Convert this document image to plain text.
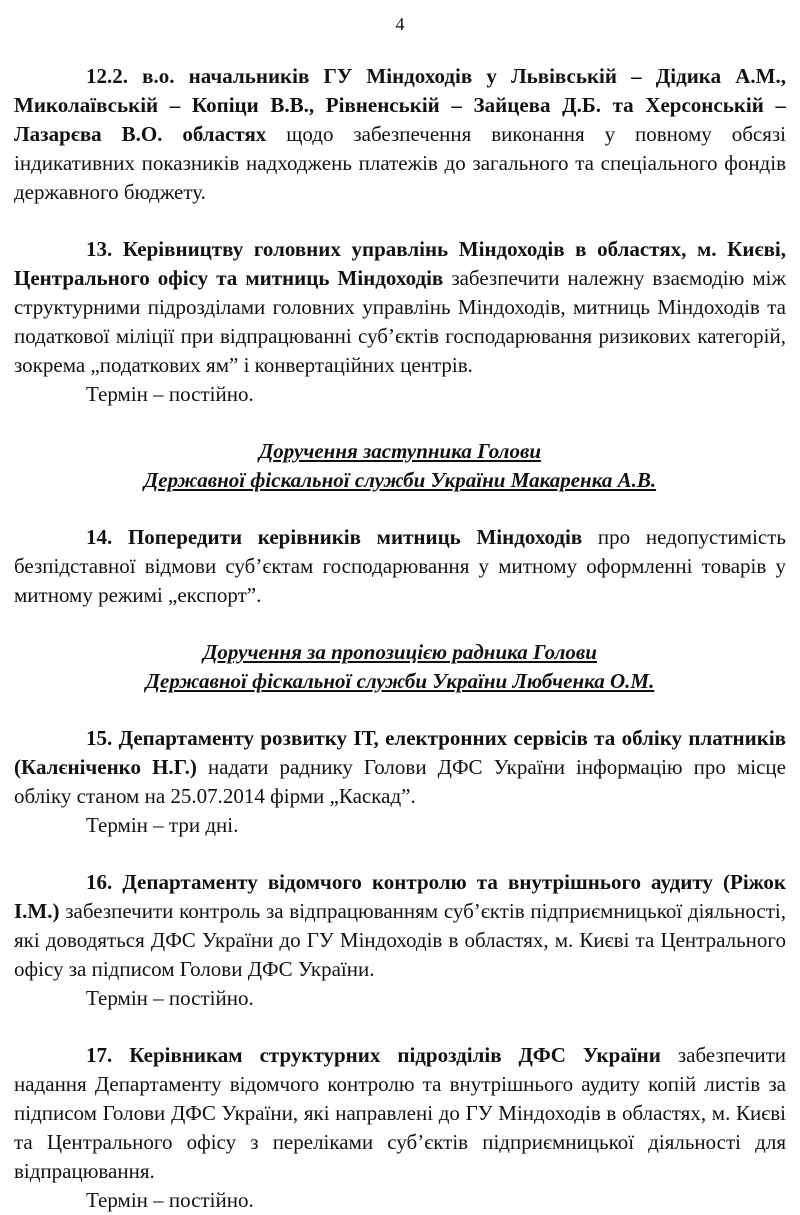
4

12.2. в.о. начальників ГУ Міндоходів у Львівській – Дідика А.М., Миколаївській – Копіци В.В., Рівненській – Зайцева Д.Б. та Херсонській – Лазарєва В.О. областях щодо забезпечення виконання у повному обсязі індикативних показників надходжень платежів до загального та спеціального фондів державного бюджету.

13. Керівництву головних управлінь Міндоходів в областях, м. Києві, Центрального офісу та митниць Міндоходів забезпечити належну взаємодію між структурними підрозділами головних управлінь Міндоходів, митниць Міндоходів та податкової міліції при відпрацюванні суб’єктів господарювання ризикових категорій, зокрема „податкових ям” і конвертаційних центрів.

Термін – постійно.

Доручення заступника Голови

Державної фіскальної служби України Макаренка А.В.

14. Попередити керівників митниць Міндоходів про недопустимість безпідставної відмови суб’єктам господарювання у митному оформленні товарів у митному режимі „експорт”.

Доручення за пропозицією радника Голови

Державної фіскальної служби України Любченка О.М.

15. Департаменту розвитку ІТ, електронних сервісів та обліку платників (Калєніченко Н.Г.) надати раднику Голови ДФС України інформацію про місце обліку станом на 25.07.2014 фірми „Каскад”.

Термін – три дні.

16. Департаменту відомчого контролю та внутрішнього аудиту (Ріжок І.М.) забезпечити контроль за відпрацюванням суб’єктів підприємницької діяльності, які доводяться ДФС України до ГУ Міндоходів в областях, м. Києві та Центрального офісу за підписом Голови ДФС України.

Термін – постійно.

17. Керівникам структурних підрозділів ДФС України забезпечити надання Департаменту відомчого контролю та внутрішнього аудиту копій листів за підписом Голови ДФС України, які направлені до ГУ Міндоходів в областях, м. Києві та Центрального офісу з переліками суб’єктів підприємницької діяльності для відпрацювання.

Термін – постійно.
